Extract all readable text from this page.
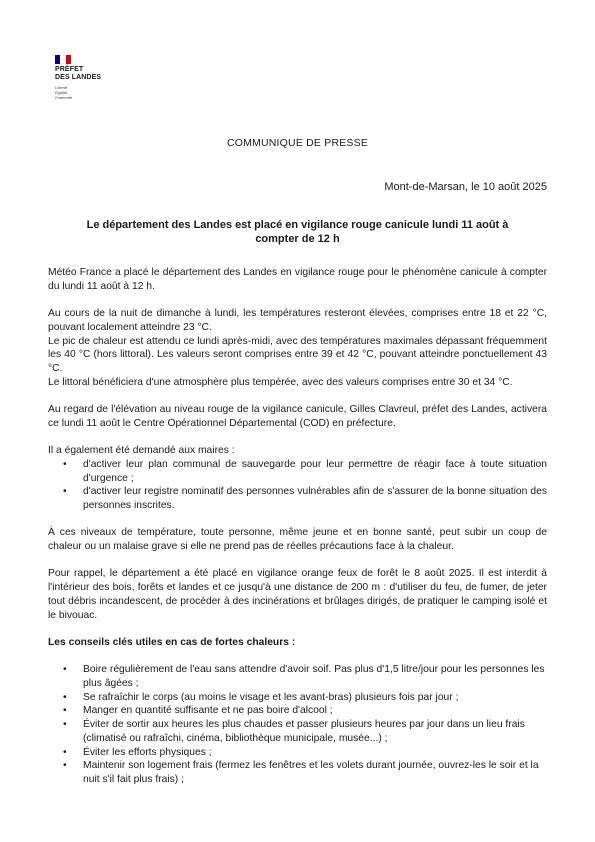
PRÉFET
DES LANDES
Liberté
Égalité
Fraternité
COMMUNIQUE DE PRESSE
Mont-de-Marsan, le 10 août 2025
Le département des Landes est placé en vigilance rouge canicule lundi 11 août à
compter de 12 h

Météo France a placé le département des Landes en vigilance rouge pour le phénomène canicule à compter du lundi 11 août à 12 h.

Au cours de la nuit de dimanche à lundi, les températures resteront élevées, comprises entre 18 et 22 °C, pouvant localement atteindre 23 °C.

Le pic de chaleur est attendu ce lundi après-midi, avec des températures maximales dépassant fréquemment les 40 °C (hors littoral). Les valeurs seront comprises entre 39 et 42 °C, pouvant atteindre ponctuellement 43 °C.

Le littoral bénéficiera d'une atmosphère plus tempérée, avec des valeurs comprises entre 30 et 34 °C.

Au regard de l'élévation au niveau rouge de la vigilance canicule, Gilles Clavreul, préfet des Landes, activera ce lundi 11 août le Centre Opérationnel Départemental (COD) en préfecture.

Il a également été demandé aux maires :

• d'activer leur plan communal de sauvegarde pour leur permettre de réagir face à toute situation d'urgence ;
• d'activer leur registre nominatif des personnes vulnérables afin de s'assurer de la bonne situation des personnes inscrites.

À ces niveaux de température, toute personne, même jeune et en bonne santé, peut subir un coup de chaleur ou un malaise grave si elle ne prend pas de réelles précautions face à la chaleur.

Pour rappel, le département a été placé en vigilance orange feux de forêt le 8 août 2025. Il est interdit à l'intérieur des bois, forêts et landes et ce jusqu'à une distance de 200 m : d'utiliser du feu, de fumer, de jeter tout débris incandescent, de procéder à des incinérations et brûlages dirigés, de pratiquer le camping isolé et le bivouac.

Les conseils clés utiles en cas de fortes chaleurs :

• Boire régulièrement de l'eau sans attendre d'avoir soif. Pas plus d'1,5 litre/jour pour les personnes les plus âgées ;
• Se rafraîchir le corps (au moins le visage et les avant-bras) plusieurs fois par jour ;
• Manger en quantité suffisante et ne pas boire d'alcool ;
• Éviter de sortir aux heures les plus chaudes et passer plusieurs heures par jour dans un lieu frais (climatisé ou rafraîchi, cinéma, bibliothèque municipale, musée...) ;
• Éviter les efforts physiques ;
• Maintenir son logement frais (fermez les fenêtres et les volets durant journée, ouvrez-les le soir et la nuit s'il fait plus frais) ;
